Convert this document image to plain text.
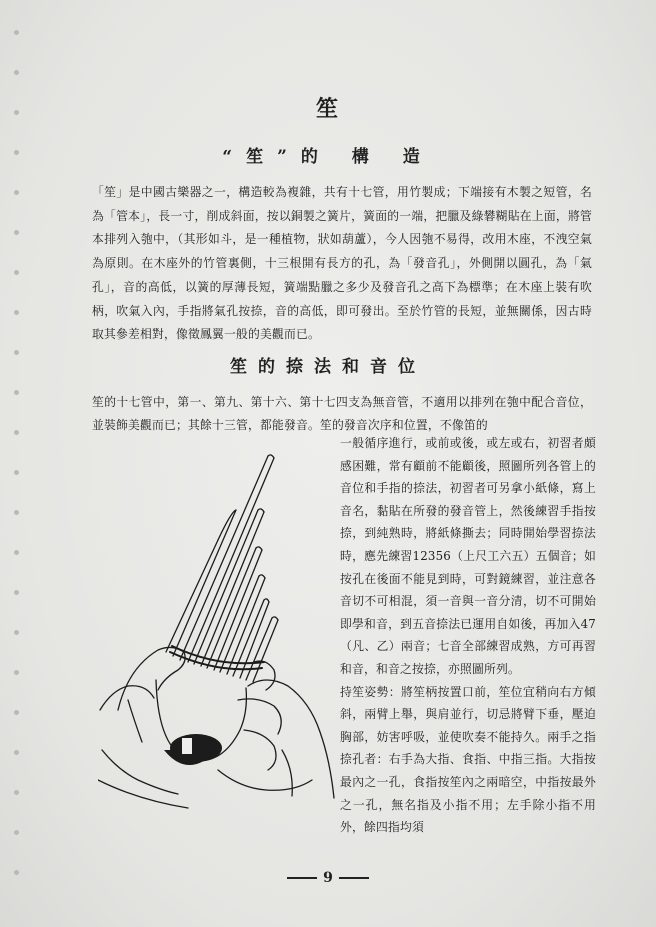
笙
“笙”的 構 造
「笙」是中國古樂器之一，構造較為複雜，共有十七管，用竹製成；下端接有木製之短管，名為「管本」，長一寸，削成斜面，按以銅製之簧片，簧面的一端，把臘及綠礬糊貼在上面，將管本排列入匏中，（其形如斗，是一種植物，狀如葫蘆），今人因匏不易得，改用木座，不洩空氣為原則。在木座外的竹管裏側，十三根開有長方的孔，為「發音孔」，外側開以圓孔，為「氣孔」，音的高低，以簧的厚薄長短，簧端點臘之多少及發音孔之高下為標準；在木座上裝有吹柄，吹氣入內，手指將氣孔按捺，音的高低，即可發出。至於竹管的長短，並無關係，因古時取其參差相對，像徵鳳翼一般的美觀而已。
笙的捺法和音位
笙的十七管中，第一、第九、第十六、第十七四支為無音管，不適用以排列在匏中配合音位，並裝飾美觀而已；其餘十三管，都能發音。笙的發音次序和位置，不像笛的

一般循序進行，或前或後，或左或右，初習者頗感困難，常有顧前不能顧後，照圖所列各管上的音位和手指的捺法，初習者可另拿小紙條，寫上音名，黏貼在所發的發音管上，然後練習手指按捺，到純熟時，將紙條撕去；同時開始學習捺法時，應先練習12356（上尺工六五）五個音；如按孔在後面不能見到時，可對鏡練習，並注意各音切不可相混，須一音與一音分清，切不可開始即學和音，到五音捺法已運用自如後，再加入47（凡、乙）兩音；七音全部練習成熟，方可再習和音，和音之按捺，亦照圖所列。

持笙姿勢：將笙柄按置口前，笙位宜稍向右方傾斜，兩臂上舉，與肩並行，切忌將臂下垂，壓迫胸部，妨害呼吸，並使吹奏不能持久。兩手之指捺孔者：右手為大指、食指、中指三指。大指按最內之一孔，食指按笙內之兩暗空，中指按最外之一孔，無名指及小指不用；左手除小指不用外，餘四指均須

9
